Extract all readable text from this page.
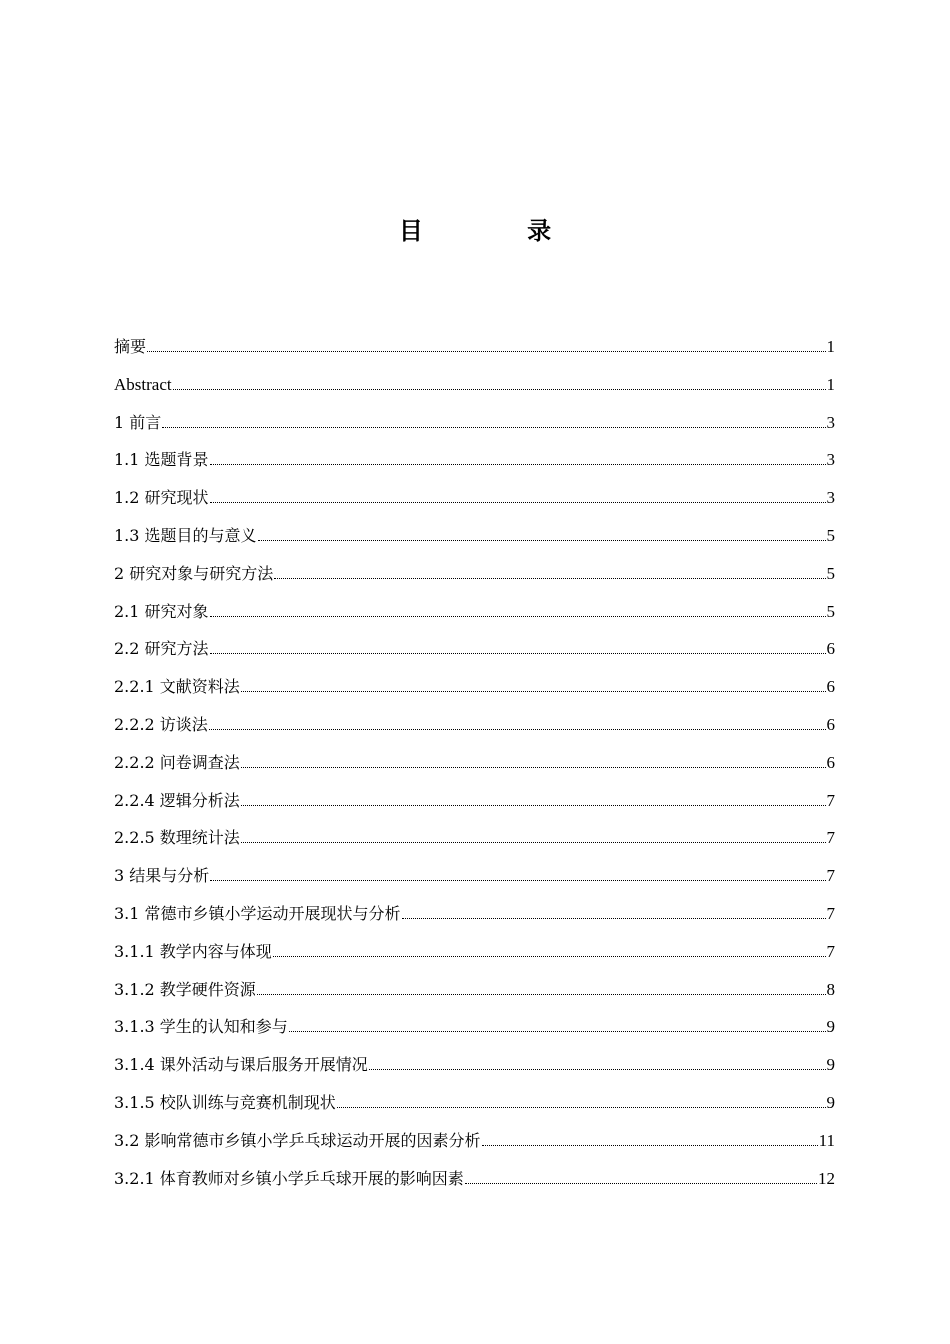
目 录
摘要	1
Abstract	1
1 前言	3
1.1 选题背景	3
1.2 研究现状	3
1.3 选题目的与意义	5
2 研究对象与研究方法	5
2.1 研究对象	5
2.2 研究方法	6
2.2.1 文献资料法	6
2.2.2 访谈法	6
2.2.2 问卷调查法	6
2.2.4 逻辑分析法	7
2.2.5 数理统计法	7
3 结果与分析	7
3.1 常德市乡镇小学运动开展现状与分析	7
3.1.1 教学内容与体现	7
3.1.2 教学硬件资源	8
3.1.3 学生的认知和参与	9
3.1.4 课外活动与课后服务开展情况	9
3.1.5 校队训练与竞赛机制现状	9
3.2 影响常德市乡镇小学乒乓球运动开展的因素分析	11
3.2.1 体育教师对乡镇小学乒乓球开展的影响因素	12
